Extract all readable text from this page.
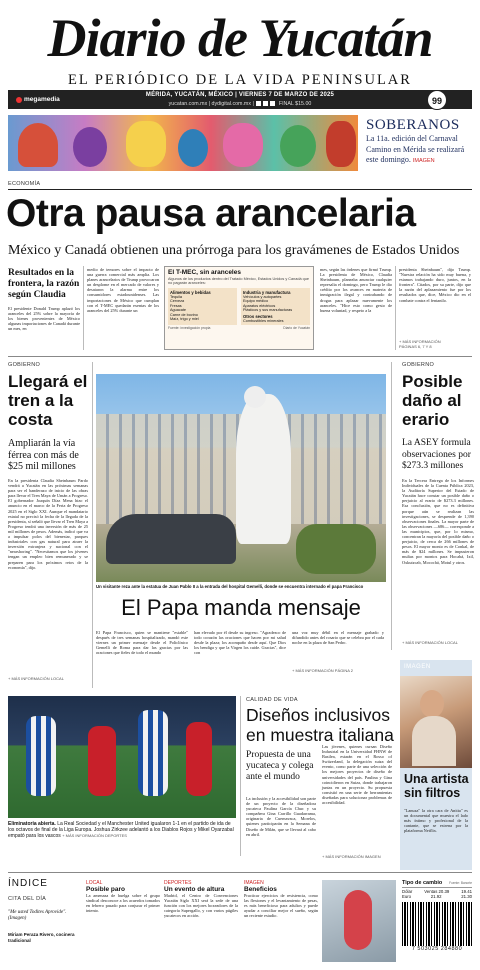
Diario de Yucatán
EL PERIÓDICO DE LA VIDA PENINSULAR
megamedia
MÉRIDA, YUCATÁN, MÉXICO | VIERNES 7 DE MARZO DE 2025
yucatan.com.mx | dydigital.com.mx |	FINAL $15.00	99
SOBERANOS
La 11a. edición del Carnaval Camino en Mérida se realizará este domingo. IMAGEN
ECONOMÍA
Otra pausa arancelaria
México y Canadá obtienen una prórroga para los gravámenes de Estados Unidos
Resultados en la frontera, la razón según Claudia
El presidente Donald Trump aplazó los aranceles del 25% sobre la mayoría de los bienes provenientes de México algunas importaciones de Canadá durante un mes, en
medio de temores sobre el impacto de una guerra comercial más amplia. Los planes arancelarios de Trump provocaron un desplome en el mercado de valores y desataron la alarma entre los consumidores estadounidenses. Las importaciones de México que cumplan con el T-MEC quedarán exentas de los aranceles del 25% durante un
El T-MEC, sin aranceles
Algunos de los productos dentro del Tratado México, Estados Unidos y Canadá que no pagarán aranceles:
Alimentos y bebidas
Tequila
Cerveza
Fresas
Aguacate
Carne de bovino
Maíz, trigo y miel
Industria y manufactura
Vehículos y autopartes
Equipo médico
Aparatos eléctricos
Plásticos y sus manufacturas
Otros sectores
Combustibles minerales
Fuente: investigación propia	Diario de Yucatán
mes, según las órdenes que firmó Trump. La presidenta de México, Claudia Sheinbaum, planeaba anunciar cualquier represalia el domingo, pero Trump le dio crédito por los avances en materia de inmigración ilegal y contrabando de drogas para aplazar nuevamente los aranceles. "Hice esto como gesto de buena voluntad, y respeto a la
presidenta Sheinbaum", dijo Trump. "Nuestra relación ha sido muy buena, y estamos trabajando duro, juntos, en la frontera". Citados, por su parte, dijo que la razón del aplazamiento fue por los resultados que, dice, México dio en el combate contra el fentanilo.
+ MÁS INFORMACIÓN
PÁGINAS 6, 7 Y 8
GOBIERNO
Llegará el tren a la costa
Ampliarán la vía férrea con más de $25 mil millones
En la presidenta Claudia Sheinbaum Pardo vendrá a Yucatán en las próximas semanas para ser el banderazo de inicio de las obras para llevar el Tren Maya de Umán a Progreso. El gobernador Joaquín Díaz Mena hizo el anuncio en el marco de la Feria de Progreso 2025 en el Siglo XXI. Aunque el mandatario estatal no precisó la fecha de la llegada de la presidenta, sí señaló que llevar el Tren Maya a Progreso tendrá una inversión de más de 25 mil millones de pesos. Además, indicó que va a impulsar polos del bienestar, parques industriales con gas natural para atraer la inversión extranjera y nacional con el "nearshoring". "Necesitamos que los jóvenes tengan un empleo bien remunerado y se preparen para los próximos retos de la economía", dijo.
+ MÁS INFORMACIÓN LOCAL
Un visitante reza ante la estatua de Juan Pablo II a la entrada del hospital Gemelli, donde se encuentra internado el papa Francisco
El Papa manda mensaje
El Papa Francisco, quien se mantiene "estable" después de tres semanas hospitalizado, mandó este viernes un primer mensaje desde el Policlínico Gemelli de Roma para dar las gracias por las oraciones que fieles de todo el mundo
han elevado por él desde su ingreso. "Agradezco de todo corazón las oraciones que hacen por mi salud desde la plaza; los acompaño desde aquí. Que Dios los bendiga y que la Virgen los cuide. Gracias", dice con
una voz muy débil en el mensaje grabado y difundido antes del rosario que se celebra por el cada noche en la plaza de San Pedro.
+ MÁS INFORMACIÓN PÁGINA 2
GOBIERNO
Posible daño al erario
La ASEY formula observaciones por $273.3 millones
En la Tercera Entrega de los Informes Individuales de la Cuenta Pública 2023, la Auditoría Superior del Estado de Yucatán hace constar un posible daño o perjuicio al erario de $273.3 millones. Esa conclusión, que no es definitiva porque aún se realizan las investigaciones, se desprende de 1,390 observaciones finales. La mayor parte de las observaciones —686— corresponde a las municipios, que, por lo mismo, concentran la mayoría del posible daño o perjuicio, de cerca de 266 millones de pesos. El mayor monto es de Conkal, de más de $24 millones. Se impusieron multas por montos para Hocabá, Ixil, Oxkutzcab, Mocochá, Motul y otros.
+ MÁS INFORMACIÓN LOCAL
IMAGEN
Una artista sin filtros
"Lanuza" la otra cara de Anitta" es un documental que muestra el lado más íntimo y profesional de la cantante, que se estrena por la plataforma Netflix.
Eliminatoria abierta. La Real Sociedad y el Manchester United igualaron 1-1 en el partido de ida de los octavos de final de la Liga Europa. Joshua Zirkzee adelantó a los Diablos Rojos y Mikel Oyarzabal empató para los vascos + MÁS INFORMACIÓN DEPORTES
CALIDAD DE VIDA
Diseños inclusivos en muestra italiana
Propuesta de una yucateca y colega ante el mundo
La inclusión y la accesibilidad son parte de un proyecto de la diseñadora yucateca Paulina García Chuc y su compañera Gina Carrillo Guadarrama, originaria de Cuernavaca, Morelos, quienes participarán en la Semana de Diseño de Milán, que se llevará al cabo en abril.
Las jóvenes, quienes cursan Diseño Industrial en la Universidad FHNW de Basilea, estarán en el Rosso of Switzerland, la delegación suiza del evento, como parte de una selección de los mejores proyectos de diseño de universidades del país. Paulina y Gina coincidieron en Suiza, donde trabajaron juntas en un proyecto. Su propuesta consistió en una serie de herramientas diseñadas para solucionar problemas de accesibilidad.
+ MÁS INFORMACIÓN IMAGEN
ÍNDICE
CITA DEL DÍA
"Me usted Todites Aprovide". (Imagen)
Miriam Peraza Rivero, cocinera tradicional
LOCAL
Posible paro
La amenaza de huelga sobre el grupo sindical desconoce a los acuerdos tomados en febrero pasado para conjurar el primer intento.
DEPORTES
Un evento de altura
Madrid, el Centro de Convenciones Yucatán Siglo XXI será la sede de una función con los mejores boxeadores de la categoría Supergallo, y con varios púgiles yucatecos en acción.
IMAGEN
Beneficios
Practicar ejercicios de resistencia, como las flexiones y el levantamiento de pesas, es más beneficioso para adultos y puede ayudar a conciliar mejor el sueño, según un reciente estudio.
Tipo de cambio Fuente: Banorte
Dólar	Ventas 20.39	19.41
Euro	21.92	21.30
7 503025 284880
